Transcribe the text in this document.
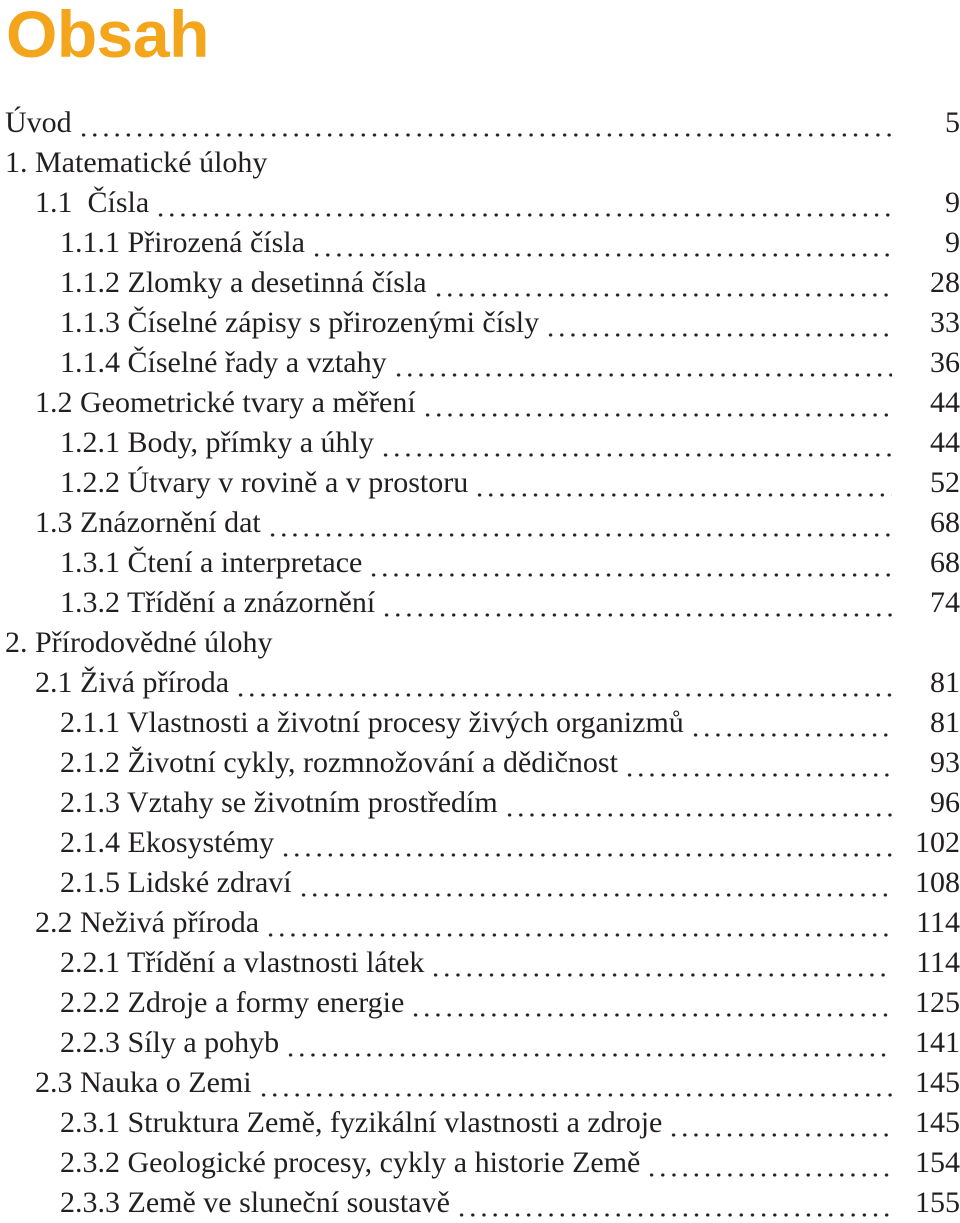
Obsah
Úvod	5
1. Matematické úlohy
1.1  Čísla	9
1.1.1 Přirozená čísla	9
1.1.2 Zlomky a desetinná čísla	28
1.1.3 Číselné zápisy s přirozenými čísly	33
1.1.4 Číselné řady a vztahy	36
1.2 Geometrické tvary a měření	44
1.2.1 Body, přímky a úhly	44
1.2.2 Útvary v rovině a v prostoru	52
1.3 Znázornění dat	68
1.3.1 Čtení a interpretace	68
1.3.2 Třídění a znázornění	74
2. Přírodovědné úlohy
2.1 Živá příroda	81
2.1.1 Vlastnosti a životní procesy živých organizmů	81
2.1.2 Životní cykly, rozmnožování a dědičnost	93
2.1.3 Vztahy se životním prostředím	96
2.1.4 Ekosystémy	102
2.1.5 Lidské zdraví	108
2.2 Neživá příroda	114
2.2.1 Třídění a vlastnosti látek	114
2.2.2 Zdroje a formy energie	125
2.2.3 Síly a pohyb	141
2.3 Nauka o Zemi	145
2.3.1 Struktura Země, fyzikální vlastnosti a zdroje	145
2.3.2 Geologické procesy, cykly a historie Země	154
2.3.3 Země ve sluneční soustavě	155
